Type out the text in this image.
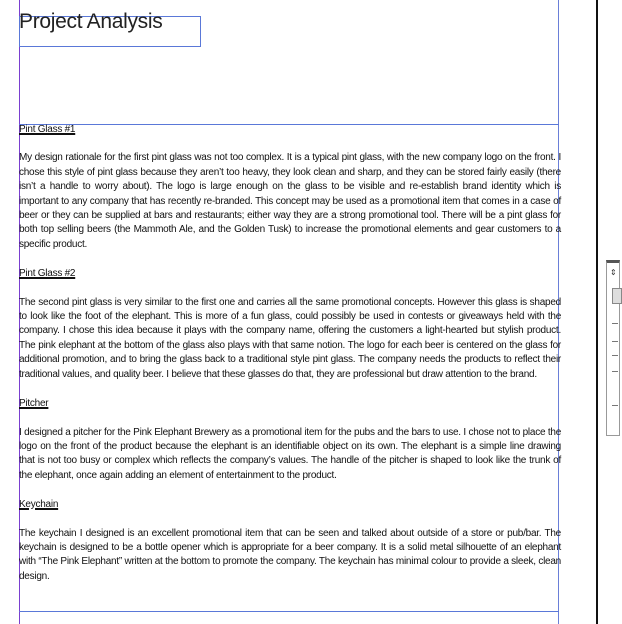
Project Analysis
Pint Glass #1

My design rationale for the first pint glass was not too complex. It is a typical pint glass, with the new company logo on the front. I chose this style of pint glass because they aren’t too heavy, they look clean and sharp, and they can be stored fairly easily (there isn’t a handle to worry about). The logo is large enough on the glass to be visible and re-establish brand identity which is important to any company that has recently re-branded. This concept may be used as a promotional item that comes in a case of beer or they can be supplied at bars and restaurants; either way they are a strong promotional tool. There will be a pint glass for both top selling beers (the Mammoth Ale, and the Golden Tusk) to increase the promotional elements and gear customers to a specific product.

Pint Glass #2

The second pint glass is very similar to the first one and carries all the same promotional concepts. However this glass is shaped to look like the foot of the elephant. This is more of a fun glass, could possibly be used in contests or giveaways held with the company. I chose this idea because it plays with the company name, offering the customers a light-hearted but stylish product. The pink elephant at the bottom of the glass also plays with that same notion. The logo for each beer is centered on the glass for additional promotion, and to bring the glass back to a traditional style pint glass. The company needs the products to reflect their traditional values, and quality beer. I believe that these glasses do that, they are professional but draw attention to the brand.

Pitcher

I designed a pitcher for the Pink Elephant Brewery as a promotional item for the pubs and the bars to use. I chose not to place the logo on the front of the product because the elephant is an identifiable object on its own. The elephant is a simple line drawing that is not too busy or complex which reflects the company’s values. The handle of the pitcher is shaped to look like the trunk of the elephant, once again adding an element of entertainment to the product.

Keychain

The keychain I designed is an excellent promotional item that can be seen and talked about outside of a store or pub/bar. The keychain is designed to be a bottle opener which is appropriate for a beer company. It is a solid metal silhouette of an elephant with “The Pink Elephant” written at the bottom to promote the company. The keychain has minimal colour to provide a sleek, clean design.

⇕
